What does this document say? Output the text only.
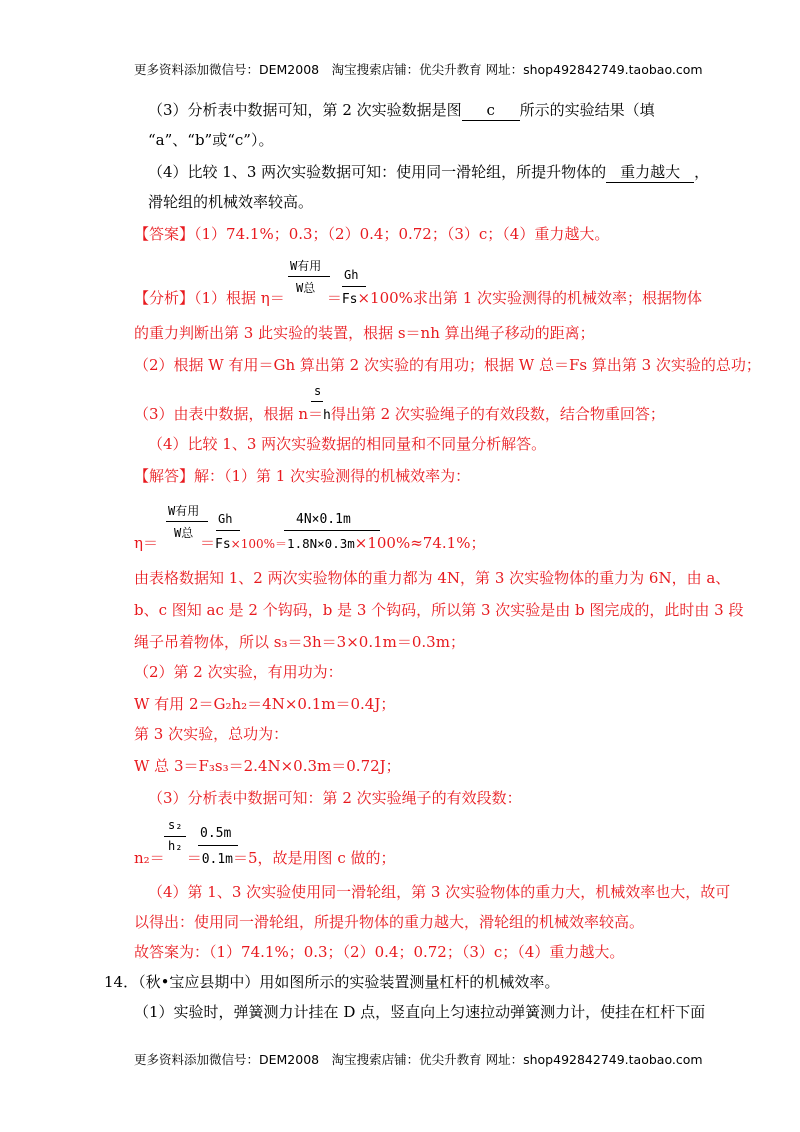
更多资料添加微信号：DEM2008　淘宝搜索店铺：优尖升教育 网址：shop492842749.taobao.com
（3）分析表中数据可知，第 2 次实验数据是图 c 所示的实验结果（填
“a”、“b”或“c”）。
（4）比较 1、3 两次实验数据可知：使用同一滑轮组，所提升物体的 重力越大 ，
滑轮组的机械效率较高。
【答案】（1）74.1%；0.3；（2）0.4；0.72；（3）c；（4）重力越大。
W有用
W总
Gh
【分析】（1）根据 η＝	＝Fs×100%求出第 1 次实验测得的机械效率；根据物体
的重力判断出第 3 此实验的装置，根据 s＝nh 算出绳子移动的距离；
（2）根据 W 有用＝Gh 算出第 2 次实验的有用功；根据 W 总＝Fs 算出第 3 次实验的总功；
s
（3）由表中数据，根据 n＝h得出第 2 次实验绳子的有效段数，结合物重回答；
（4）比较 1、3 两次实验数据的相同量和不同量分析解答。
【解答】解：（1）第 1 次实验测得的机械效率为：
W有用
W总
Gh	4N×0.1m
η＝	＝Fs×100%＝1.8N×0.3m×100%≈74.1%；
由表格数据知 1、2 两次实验物体的重力都为 4N，第 3 次实验物体的重力为 6N，由 a、
b、c 图知 ac 是 2 个钩码，b 是 3 个钩码，所以第 3 次实验是由 b 图完成的，此时由 3 段
绳子吊着物体，所以 s₃＝3h＝3×0.1m＝0.3m；
（2）第 2 次实验，有用功为：
W 有用 2＝G₂h₂＝4N×0.1m＝0.4J；
第 3 次实验，总功为：
W 总 3＝F₃s₃＝2.4N×0.3m＝0.72J；
（3）分析表中数据可知：第 2 次实验绳子的有效段数：
s₂
h₂
0.5m
n₂＝ ＝0.1m＝5，故是用图 c 做的；
（4）第 1、3 次实验使用同一滑轮组，第 3 次实验物体的重力大，机械效率也大，故可
以得出：使用同一滑轮组，所提升物体的重力越大，滑轮组的机械效率较高。
故答案为：（1）74.1%；0.3；（2）0.4；0.72；（3）c；（4）重力越大。
14．（秋•宝应县期中）用如图所示的实验装置测量杠杆的机械效率。
（1）实验时，弹簧测力计挂在 D 点，竖直向上匀速拉动弹簧测力计，使挂在杠杆下面
更多资料添加微信号：DEM2008　淘宝搜索店铺：优尖升教育 网址：shop492842749.taobao.com
